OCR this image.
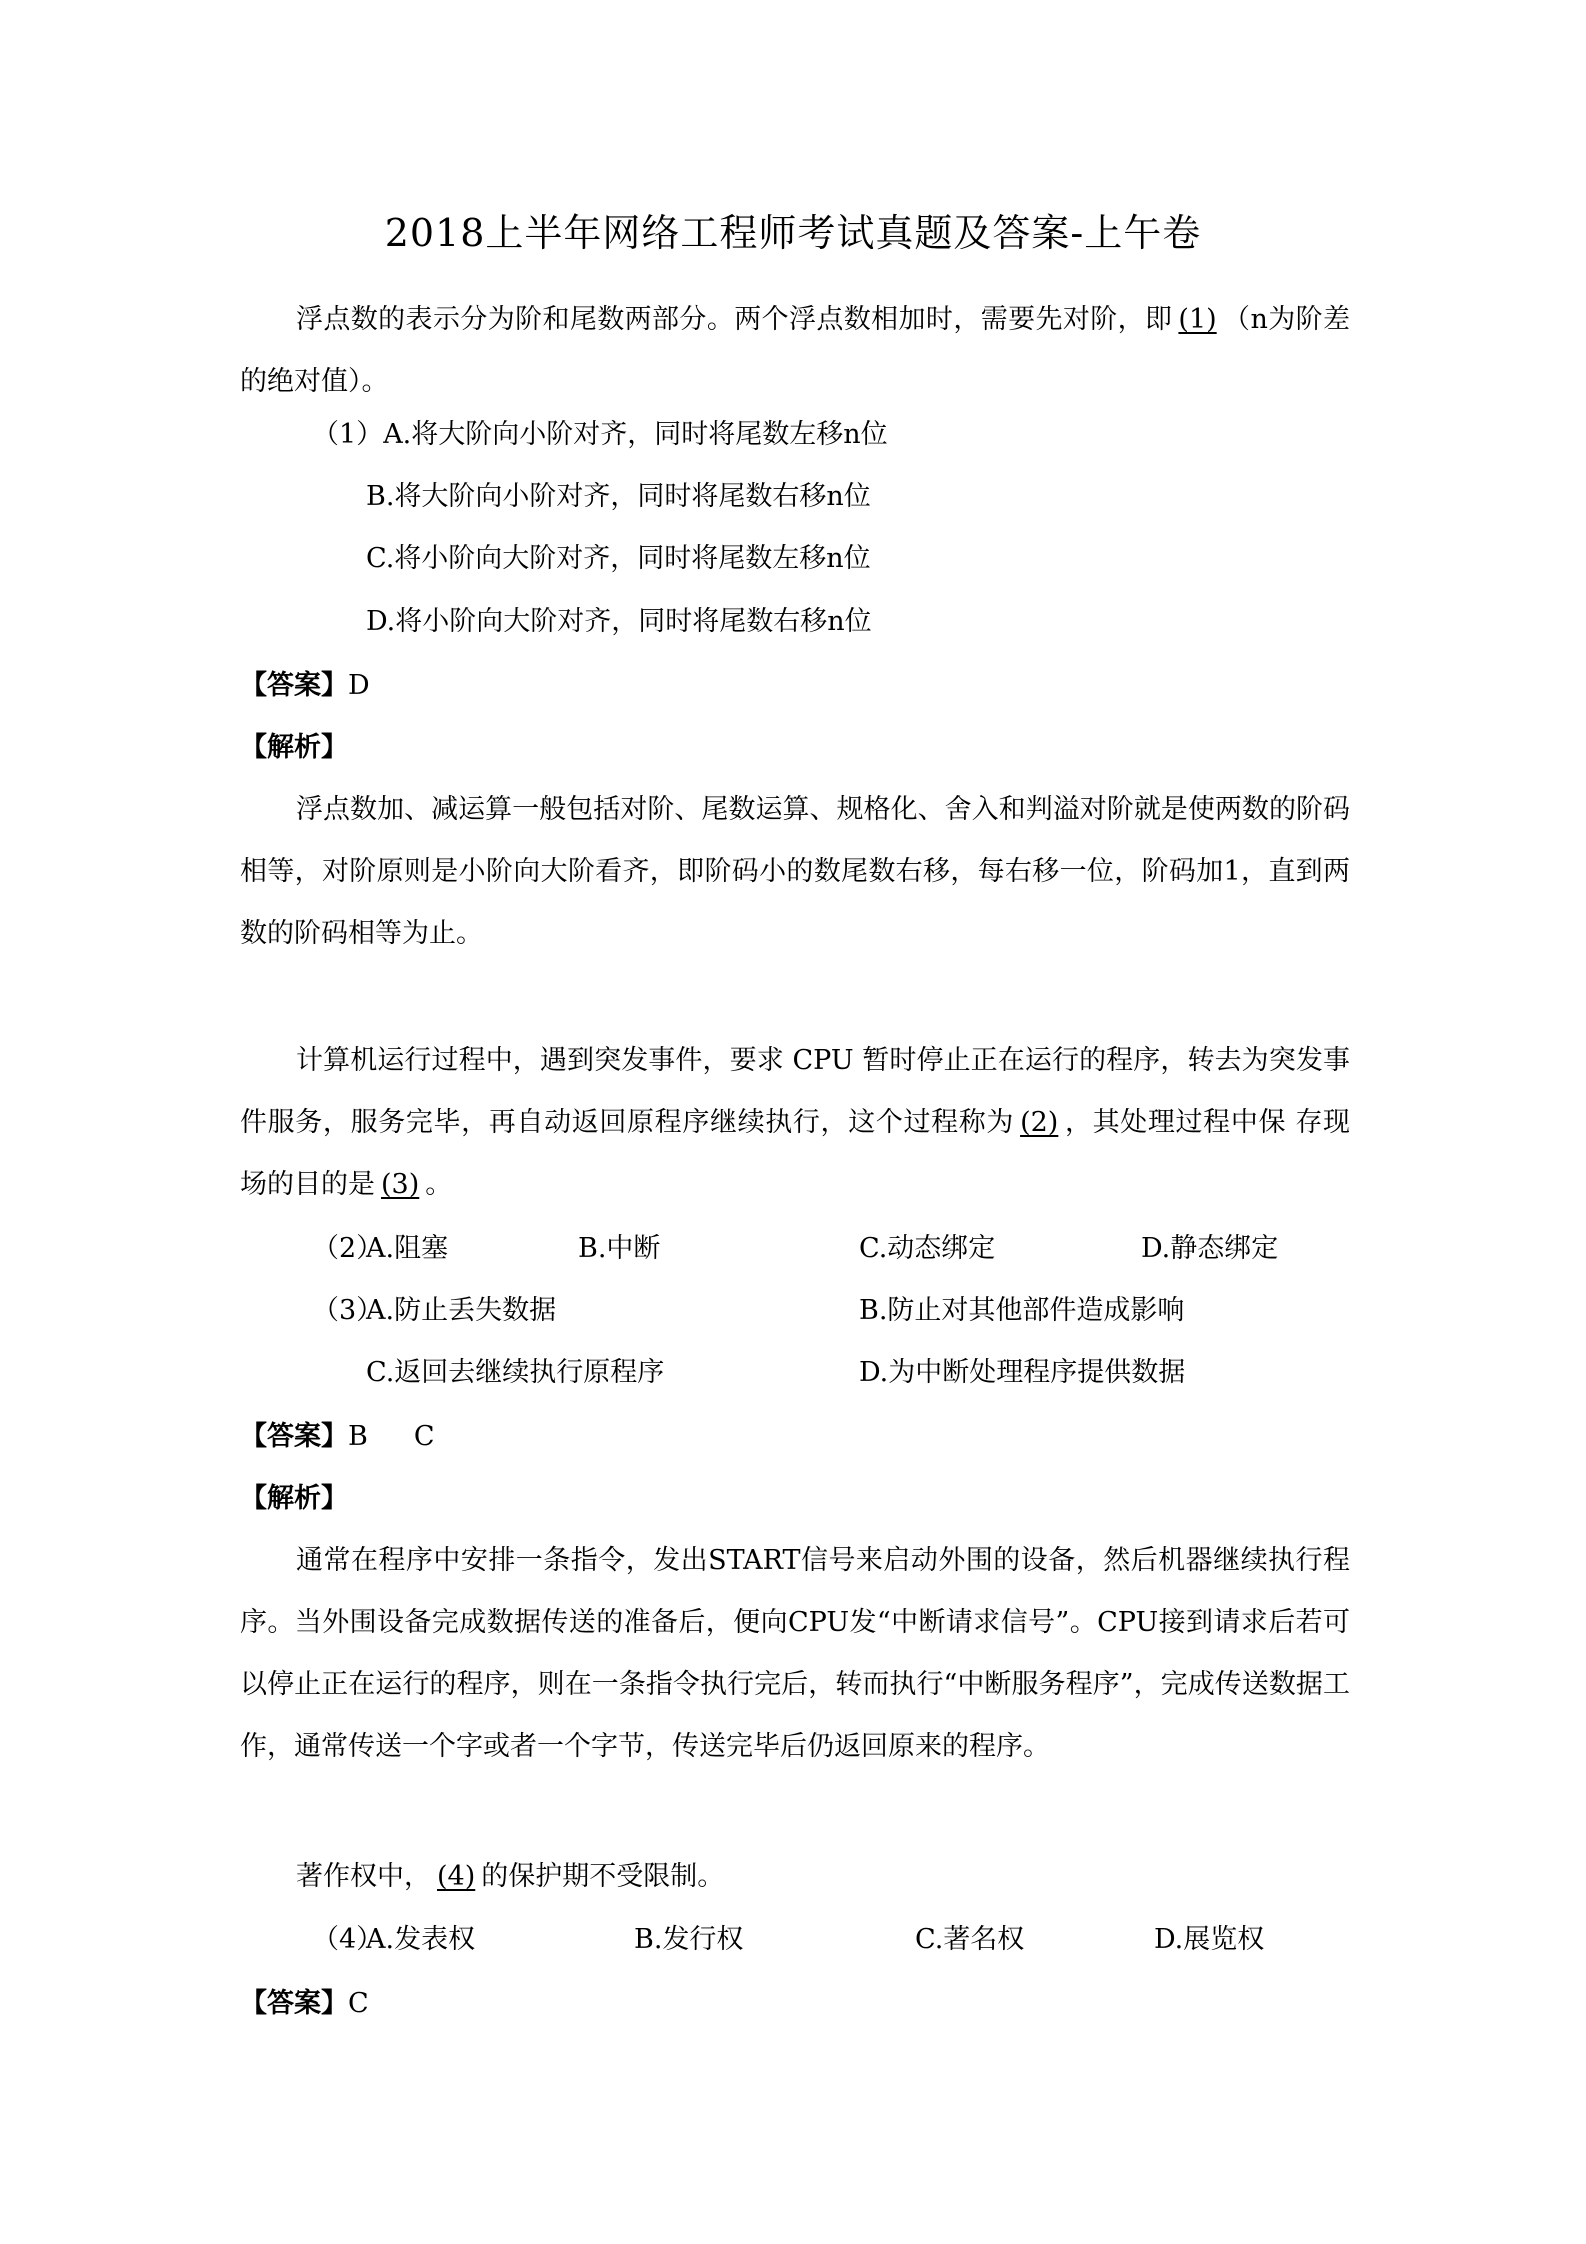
2018上半年网络工程师考试真题及答案-上午卷

浮点数的表示分为阶和尾数两部分。两个浮点数相加时，需要先对阶，即 (1) （n为阶差的绝对值）。

（1）A.将大阶向小阶对齐，同时将尾数左移n位
B.将大阶向小阶对齐，同时将尾数右移n位
C.将小阶向大阶对齐，同时将尾数左移n位
D.将小阶向大阶对齐，同时将尾数右移n位
【答案】D
【解析】

浮点数加、减运算一般包括对阶、尾数运算、规格化、舍入和判溢对阶就是使两数的阶码相等，对阶原则是小阶向大阶看齐，即阶码小的数尾数右移，每右移一位，阶码加1，直到两数的阶码相等为止。

计算机运行过程中，遇到突发事件，要求 CPU 暂时停止正在运行的程序，转去为突发事件服务，服务完毕，再自动返回原程序继续执行，这个过程称为 (2) ，其处理过程中保 存现场的目的是 (3) 。

（2）
A.阻塞	B.中断	C.动态绑定	D.静态绑定
（3）
A.防止丢失数据	B.防止对其他部件造成影响
C.返回去继续执行原程序	D.为中断处理程序提供数据
【答案】B C
【解析】

通常在程序中安排一条指令，发出START信号来启动外围的设备，然后机器继续执行程序。当外围设备完成数据传送的准备后，便向CPU发“中断请求信号”。CPU接到请求后若可以停止正在运行的程序，则在一条指令执行完后，转而执行“中断服务程序”，完成传送数据工作，通常传送一个字或者一个字节，传送完毕后仍返回原来的程序。

著作权中， (4) 的保护期不受限制。

（4）
A.发表权	B.发行权	C.著名权	D.展览权
【答案】C
